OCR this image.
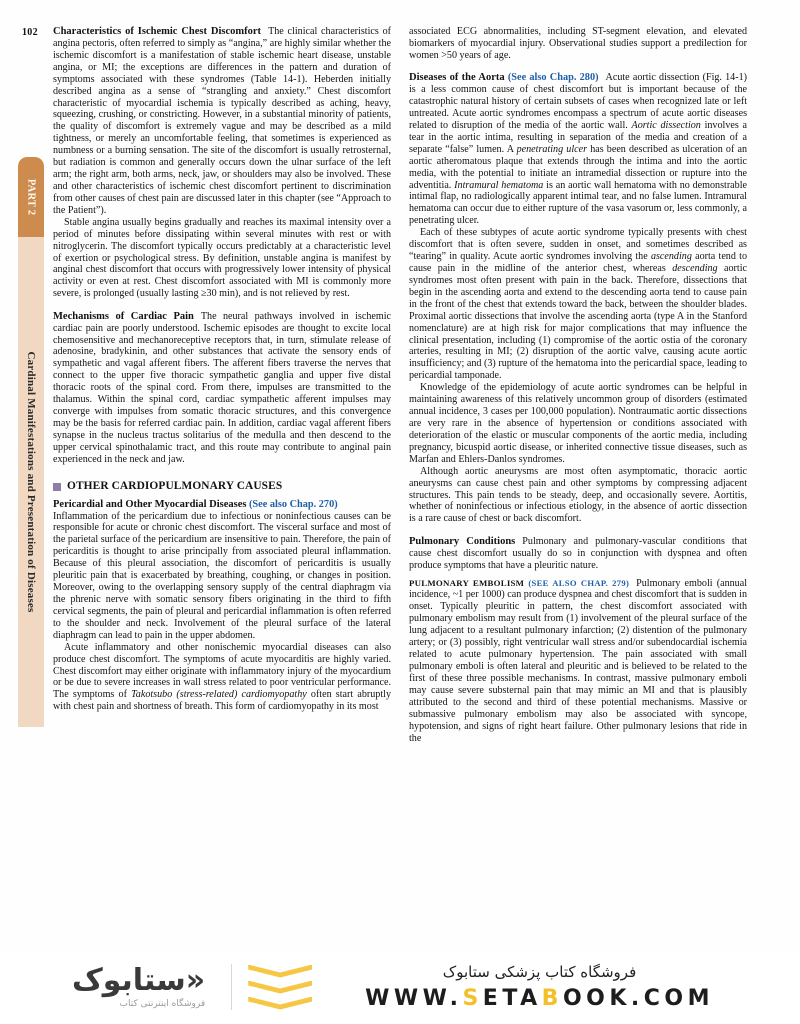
PART 2
Cardinal Manifestations and Presentation of Diseases
102 Characteristics of Ischemic Chest Discomfort The clinical characteristics of angina pectoris, often referred to simply as “angina,” are highly similar whether the ischemic discomfort is a manifestation of stable ischemic heart disease, unstable angina, or MI; the exceptions are differences in the pattern and duration of symptoms associated with these syndromes (Table 14-1). Heberden initially described angina as a sense of “strangling and anxiety.” Chest discomfort characteristic of myocardial ischemia is typically described as aching, heavy, squeezing, crushing, or constricting. However, in a substantial minority of patients, the quality of discomfort is extremely vague and may be described as a mild tightness, or merely an uncomfortable feeling, that sometimes is experienced as numbness or a burning sensation. The site of the discomfort is usually retrosternal, but radiation is common and generally occurs down the ulnar surface of the left arm; the right arm, both arms, neck, jaw, or shoulders may also be involved. These and other characteristics of ischemic chest discomfort pertinent to discrimination from other causes of chest pain are discussed later in this chapter (see “Approach to the Patient”).

Stable angina usually begins gradually and reaches its maximal intensity over a period of minutes before dissipating within several minutes with rest or with nitroglycerin. The discomfort typically occurs predictably at a characteristic level of exertion or psychological stress. By definition, unstable angina is manifest by anginal chest discomfort that occurs with progressively lower intensity of physical activity or even at rest. Chest discomfort associated with MI is commonly more severe, is prolonged (usually lasting ≥30 min), and is not relieved by rest.

Mechanisms of Cardiac Pain The neural pathways involved in ischemic cardiac pain are poorly understood. Ischemic episodes are thought to excite local chemosensitive and mechanoreceptive receptors that, in turn, stimulate release of adenosine, bradykinin, and other substances that activate the sensory ends of sympathetic and vagal afferent fibers. The afferent fibers traverse the nerves that connect to the upper five thoracic sympathetic ganglia and upper five distal thoracic roots of the spinal cord. From there, impulses are transmitted to the thalamus. Within the spinal cord, cardiac sympathetic afferent impulses may converge with impulses from somatic thoracic structures, and this convergence may be the basis for referred cardiac pain. In addition, cardiac vagal afferent fibers synapse in the nucleus tractus solitarius of the medulla and then descend to the upper cervical spinothalamic tract, and this route may contribute to anginal pain experienced in the neck and jaw.

OTHER CARDIOPULMONARY CAUSES

Pericardial and Other Myocardial Diseases (See also Chap. 270)

Inflammation of the pericardium due to infectious or noninfectious causes can be responsible for acute or chronic chest discomfort. The visceral surface and most of the parietal surface of the pericardium are insensitive to pain. Therefore, the pain of pericarditis is thought to arise principally from associated pleural inflammation. Because of this pleural association, the discomfort of pericarditis is usually pleuritic pain that is exacerbated by breathing, coughing, or changes in position. Moreover, owing to the overlapping sensory supply of the central diaphragm via the phrenic nerve with somatic sensory fibers originating in the third to fifth cervical segments, the pain of pleural and pericardial inflammation is often referred to the shoulder and neck. Involvement of the pleural surface of the lateral diaphragm can lead to pain in the upper abdomen.

Acute inflammatory and other nonischemic myocardial diseases can also produce chest discomfort. The symptoms of acute myocarditis are highly varied. Chest discomfort may either originate with inflammatory injury of the myocardium or be due to severe increases in wall stress related to poor ventricular performance. The symptoms of Takotsubo (stress-related) cardiomyopathy often start abruptly with chest pain and shortness of breath. This form of cardiomyopathy in its most

associated ECG abnormalities, including ST-segment elevation, and elevated biomarkers of myocardial injury. Observational studies support a predilection for women >50 years of age.

Diseases of the Aorta (See also Chap. 280) Acute aortic dissection (Fig. 14-1) is a less common cause of chest discomfort but is important because of the catastrophic natural history of certain subsets of cases when recognized late or left untreated. Acute aortic syndromes encompass a spectrum of acute aortic diseases related to disruption of the media of the aortic wall. Aortic dissection involves a tear in the aortic intima, resulting in separation of the media and creation of a separate “false” lumen. A penetrating ulcer has been described as ulceration of an aortic atheromatous plaque that extends through the intima and into the aortic media, with the potential to initiate an intramedial dissection or rupture into the adventitia. Intramural hematoma is an aortic wall hematoma with no demonstrable intimal flap, no radiologically apparent intimal tear, and no false lumen. Intramural hematoma can occur due to either rupture of the vasa vasorum or, less commonly, a penetrating ulcer.

Each of these subtypes of acute aortic syndrome typically presents with chest discomfort that is often severe, sudden in onset, and sometimes described as “tearing” in quality. Acute aortic syndromes involving the ascending aorta tend to cause pain in the midline of the anterior chest, whereas descending aortic syndromes most often present with pain in the back. Therefore, dissections that begin in the ascending aorta and extend to the descending aorta tend to cause pain in the front of the chest that extends toward the back, between the shoulder blades. Proximal aortic dissections that involve the ascending aorta (type A in the Stanford nomenclature) are at high risk for major complications that may influence the clinical presentation, including (1) compromise of the aortic ostia of the coronary arteries, resulting in MI; (2) disruption of the aortic valve, causing acute aortic insufficiency; and (3) rupture of the hematoma into the pericardial space, leading to pericardial tamponade.

Knowledge of the epidemiology of acute aortic syndromes can be helpful in maintaining awareness of this relatively uncommon group of disorders (estimated annual incidence, 3 cases per 100,000 population). Nontraumatic aortic dissections are very rare in the absence of hypertension or conditions associated with deterioration of the elastic or muscular components of the aortic media, including pregnancy, bicuspid aortic disease, or inherited connective tissue diseases, such as Marfan and Ehlers-Danlos syndromes.

Although aortic aneurysms are most often asymptomatic, thoracic aortic aneurysms can cause chest pain and other symptoms by compressing adjacent structures. This pain tends to be steady, deep, and occasionally severe. Aortitis, whether of noninfectious or infectious etiology, in the absence of aortic dissection is a rare cause of chest or back discomfort.

Pulmonary Conditions Pulmonary and pulmonary-vascular conditions that cause chest discomfort usually do so in conjunction with dyspnea and often produce symptoms that have a pleuritic nature.

PULMONARY EMBOLISM (SEE ALSO CHAP. 279) Pulmonary emboli (annual incidence, ~1 per 1000) can produce dyspnea and chest discomfort that is sudden in onset. Typically pleuritic in pattern, the chest discomfort associated with pulmonary embolism may result from (1) involvement of the pleural surface of the lung adjacent to a resultant pulmonary infarction; (2) distention of the pulmonary artery; or (3) possibly, right ventricular wall stress and/or subendocardial ischemia related to acute pulmonary hypertension. The pain associated with small pulmonary emboli is often lateral and pleuritic and is believed to be related to the first of these three possible mechanisms. In contrast, massive pulmonary emboli may cause severe substernal pain that may mimic an MI and that is plausibly attributed to the second and third of these potential mechanisms. Massive or submassive pulmonary embolism may also be associated with syncope, hypotension, and signs of right heart failure. Other pulmonary lesions that ride in the

«ستابوک
فروشگاه اینترنتی کتاب
فروشگاه کتاب پزشکی ستابوک
WWW.SETABOOK.COM
